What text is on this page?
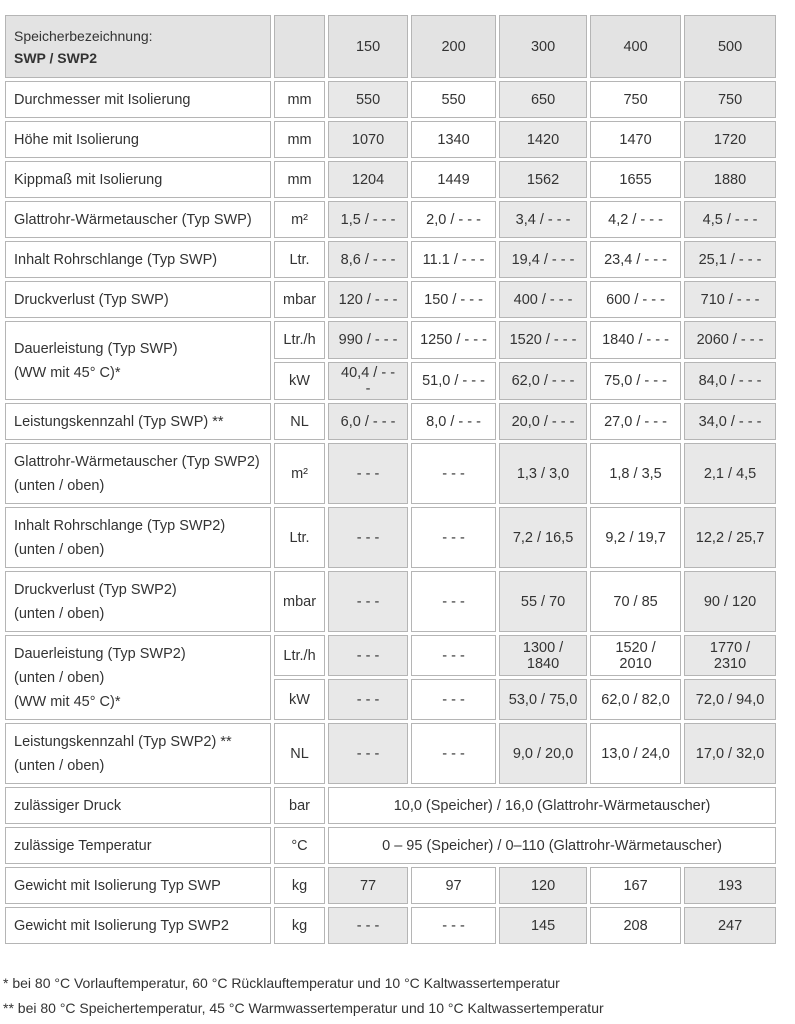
Speicherbezeichnung:
SWP / SWP2		150	200	300	400	500

Durchmesser mit Isolierung	mm	550	550	650	750	750

Höhe mit Isolierung	mm	1070	1340	1420	1470	1720

Kippmaß mit Isolierung	mm	1204	1449	1562	1655	1880

Glattrohr-Wärmetauscher (Typ SWP)	m²	1,5 / - - -	2,0 / - - -	3,4 / - - -	4,2 / - - -	4,5 / - - -

Inhalt Rohrschlange (Typ SWP)	Ltr.	8,6 / - - -	11.1 / - - -	19,4 / - - -	23,4 / - - -	25,1 / - - -

Druckverlust (Typ SWP)	mbar	120 / - - -	150 / - - -	400 / - - -	600 / - - -	710 / - - -

Dauerleistung (Typ SWP)
(WW mit 45° C)*	Ltr./h	990 / - - -	1250 / - - -	1520 / - - -	1840 / - - -	2060 / - - -
	kW	40,4 / - - -	51,0 / - - -	62,0 / - - -	75,0 / - - -	84,0 / - - -

Leistungskennzahl (Typ SWP) **	NL	6,0 / - - -	8,0 / - - -	20,0 / - - -	27,0 / - - -	34,0 / - - -

Glattrohr-Wärmetauscher (Typ SWP2)
(unten / oben)	m²	- - -	- - -	1,3 / 3,0	1,8 / 3,5	2,1 / 4,5

Inhalt Rohrschlange (Typ SWP2)
(unten / oben)	Ltr.	- - -	- - -	7,2 / 16,5	9,2 / 19,7	12,2 / 25,7

Druckverlust (Typ SWP2)
(unten / oben)	mbar	- - -	- - -	55 / 70	70 / 85	90 / 120

Dauerleistung (Typ SWP2)
(unten / oben)
(WW mit 45° C)*	Ltr./h	- - -	- - -	1300 / 1840	1520 / 2010	1770 / 2310
	kW	- - -	- - -	53,0 / 75,0	62,0 / 82,0	72,0 / 94,0

Leistungskennzahl (Typ SWP2) **
(unten / oben)	NL	- - -	- - -	9,0 / 20,0	13,0 / 24,0	17,0 / 32,0

zulässiger Druck	bar	10,0 (Speicher) / 16,0 (Glattrohr-Wärmetauscher)				

zulässige Temperatur	°C	0 – 95 (Speicher) / 0–110 (Glattrohr-Wärmetauscher)				

Gewicht mit Isolierung Typ SWP	kg	77	97	120	167	193

Gewicht mit Isolierung Typ SWP2	kg	- - -	- - -	145	208	247
* bei 80 °C Vorlauftemperatur, 60 °C Rücklauftemperatur und 10 °C Kaltwassertemperatur
** bei 80 °C Speichertemperatur, 45 °C Warmwassertemperatur und 10 °C Kaltwassertemperatur
